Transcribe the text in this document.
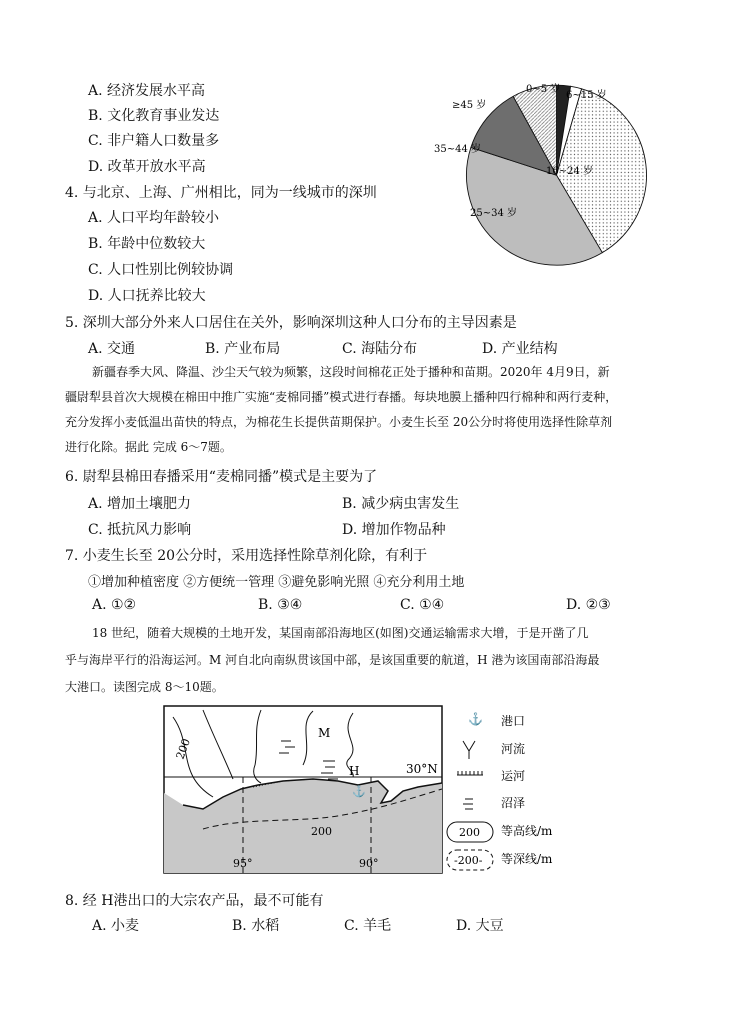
A. 经济发展水平高
B. 文化教育事业发达
C. 非户籍人口数量多
D. 改革开放水平高
4. 与北京、上海、广州相比，同为一线城市的深圳
A. 人口平均年龄较小
B. 年龄中位数较大
C. 人口性别比例较协调
D. 人口抚养比较大
0~5 岁
6~15 岁
≥45 岁
16~24 岁
25~34 岁
35~44 岁
5. 深圳大部分外来人口居住在关外，影响深圳这种人口分布的主导因素是
A. 交通	B. 产业布局	C. 海陆分布	D. 产业结构
新疆春季大风、降温、沙尘天气较为频繁，这段时间棉花正处于播种和苗期。2020年 4月9日，新
疆尉犁县首次大规模在棉田中推广实施“麦棉同播”模式进行春播。每块地膜上播种四行棉种和两行麦种，
充分发挥小麦低温出苗快的特点，为棉花生长提供苗期保护。小麦生长至 20公分时将使用选择性除草剂
进行化除。据此 完成 6～7题。
6. 尉犁县棉田春播采用“麦棉同播”模式是主要为了
A. 增加土壤肥力	B. 减少病虫害发生
C. 抵抗风力影响	D. 增加作物品种
7. 小麦生长至 20公分时，采用选择性除草剂化除，有利于
①增加种植密度 ②方便统一管理 ③避免影响光照 ④充分利用土地
A. ①②	B. ③④	C. ①④	D. ②③
18 世纪，随着大规模的土地开发，某国南部沿海地区(如图)交通运输需求大增，于是开凿了几
乎与海岸平行的沿海运河。M 河自北向南纵贯该国中部，是该国重要的航道，H 港为该国南部沿海最
大港口。读图完成 8～10题。
⚓
M
H	30°N
95°	90°
200
200
⚓ 港口
河流
运河
沼泽
200 等高线/m
-200- 等深线/m
8. 经 H港出口的大宗农产品，最不可能有
A. 小麦	B. 水稻	C. 羊毛	D. 大豆
